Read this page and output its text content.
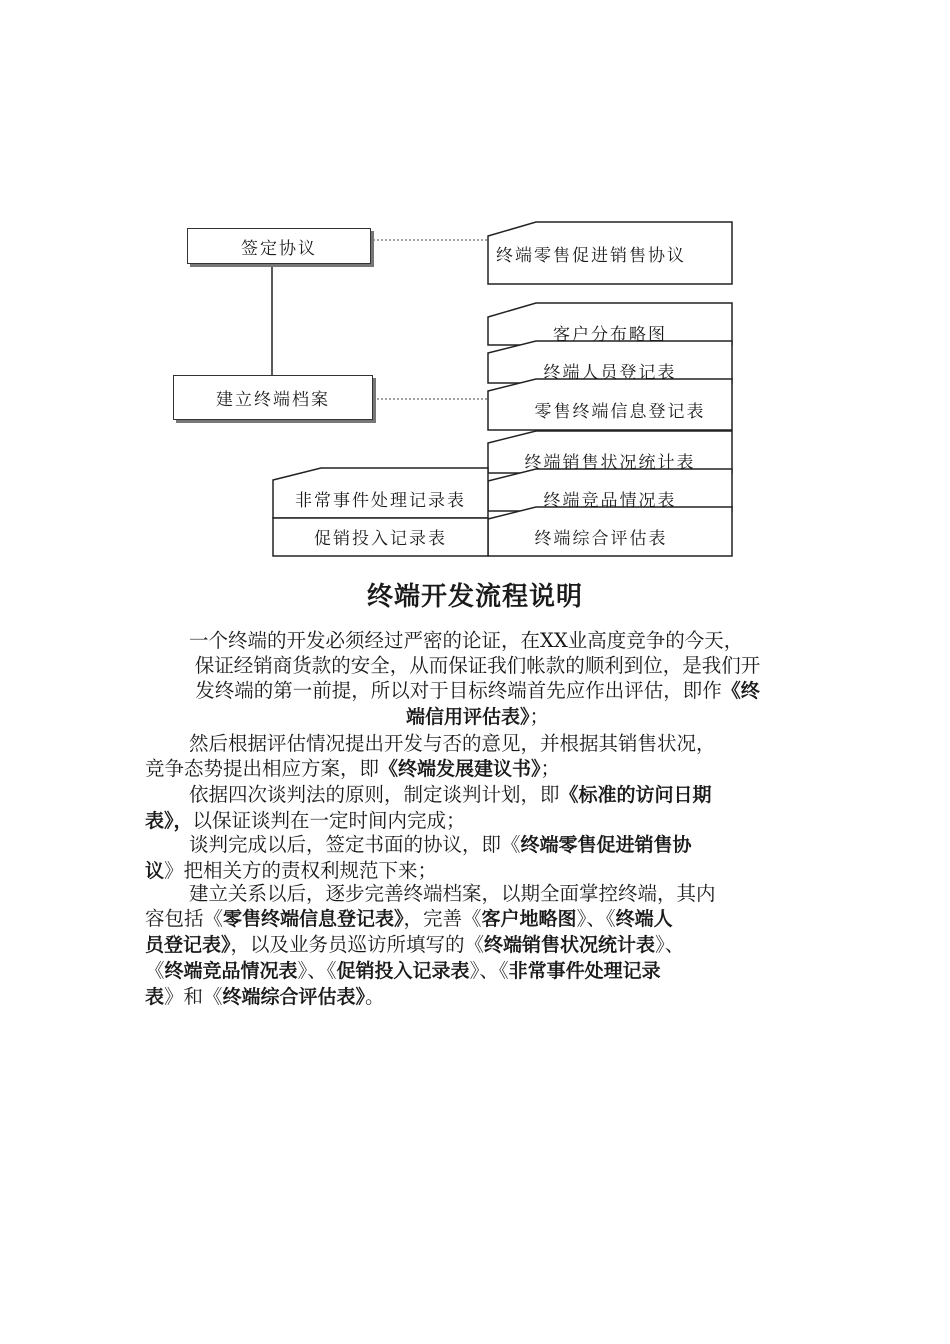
签定协议
建立终端档案
终端零售促进销售协议
客户分布略图
终端人员登记表
零售终端信息登记表
终端销售状况统计表
终端竞品情况表
终端综合评估表
非常事件处理记录表
促销投入记录表
终端开发流程说明
一个终端的开发必须经过严密的论证，在XX业高度竞争的今天，
保证经销商货款的安全，从而保证我们帐款的顺利到位，是我们开
发终端的第一前提，所以对于目标终端首先应作出评估，即作《终
端信用评估表》；
然后根据评估情况提出开发与否的意见，并根据其销售状况，
竞争态势提出相应方案，即《终端发展建议书》；
依据四次谈判法的原则，制定谈判计划，即《标准的访问日期
表》，以保证谈判在一定时间内完成；
谈判完成以后，签定书面的协议，即《终端零售促进销售协
议》把相关方的责权利规范下来；
建立关系以后，逐步完善终端档案，以期全面掌控终端，其内
容包括《零售终端信息登记表》，完善《客户地略图》、《终端人
员登记表》，以及业务员巡访所填写的《终端销售状况统计表》、
《终端竞品情况表》、《促销投入记录表》、《非常事件处理记录
表》和《终端综合评估表》。
